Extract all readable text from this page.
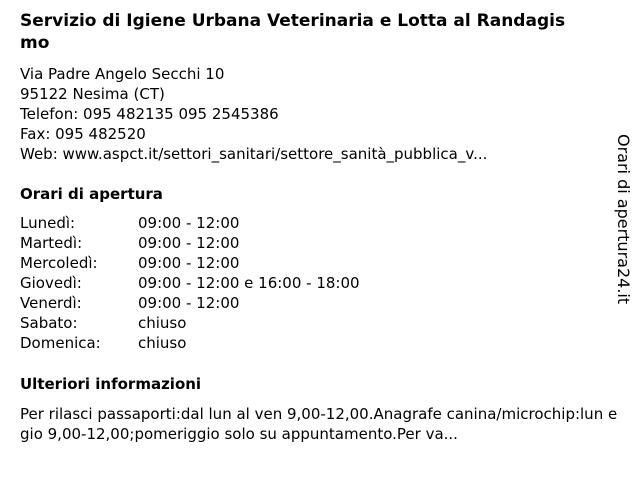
Servizio di Igiene Urbana Veterinaria e Lotta al Randagismo
Via Padre Angelo Secchi 10
95122 Nesima (CT)
Telefon: 095 482135 095 2545386
Fax: 095 482520
Web: www.aspct.it/settori_sanitari/settore_sanità_pubblica_v...
Orari di apertura
Lunedì:	09:00 - 12:00
Martedì:	09:00 - 12:00
Mercoledì:	09:00 - 12:00
Giovedì:	09:00 - 12:00 e 16:00 - 18:00
Venerdì:	09:00 - 12:00
Sabato:	chiuso
Domenica:	chiuso
Ulteriori informazioni
Per rilasci passaporti:dal lun al ven 9,00-12,00.Anagrafe canina/microchip:lun e gio 9,00-12,00;pomeriggio solo su appuntamento.Per va...
Orari di apertura24.it
